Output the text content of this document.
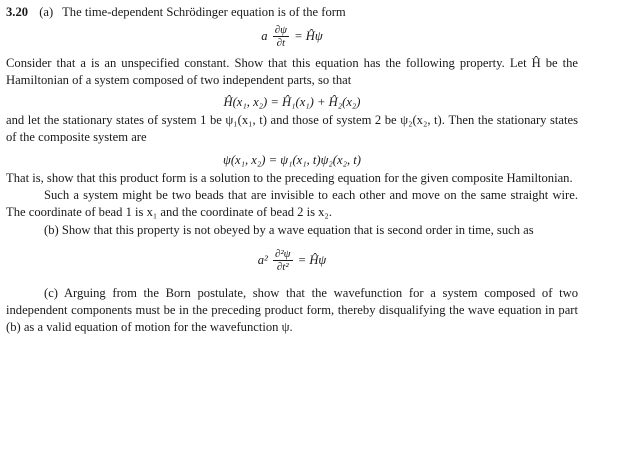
3.20 (a) The time-dependent Schrödinger equation is of the form

a $\frac{\partial\psi}{\partial t}$ = Ĥψ

Consider that a is an unspecified constant. Show that this equation has the following property. Let Ĥ be the Hamiltonian of a system composed of two independent parts, so that

Ĥ(x₁, x₂) = Ĥ₁(x₁) + Ĥ₂(x₂)

and let the stationary states of system 1 be ψ₁(x₁, t) and those of system 2 be ψ₂(x₂, t). Then the stationary states of the composite system are

ψ(x₁, x₂) = ψ₁(x₁, t)ψ₂(x₂, t)

That is, show that this product form is a solution to the preceding equation for the given composite Hamiltonian.

Such a system might be two beads that are invisible to each other and move on the same straight wire. The coordinate of bead 1 is x₁ and the coordinate of bead 2 is x₂.

(b) Show that this property is not obeyed by a wave equation that is second order in time, such as

$a^2 \frac{\text{∂²ψ}}{\text{∂t²}}$ = Ĥψ

(c) Arguing from the Born postulate, show that the wavefunction for a system composed of two independent components must be in the preceding product form, thereby disqualifying the wave equation in part (b) as a valid equation of motion for the wavefunction ψ.
